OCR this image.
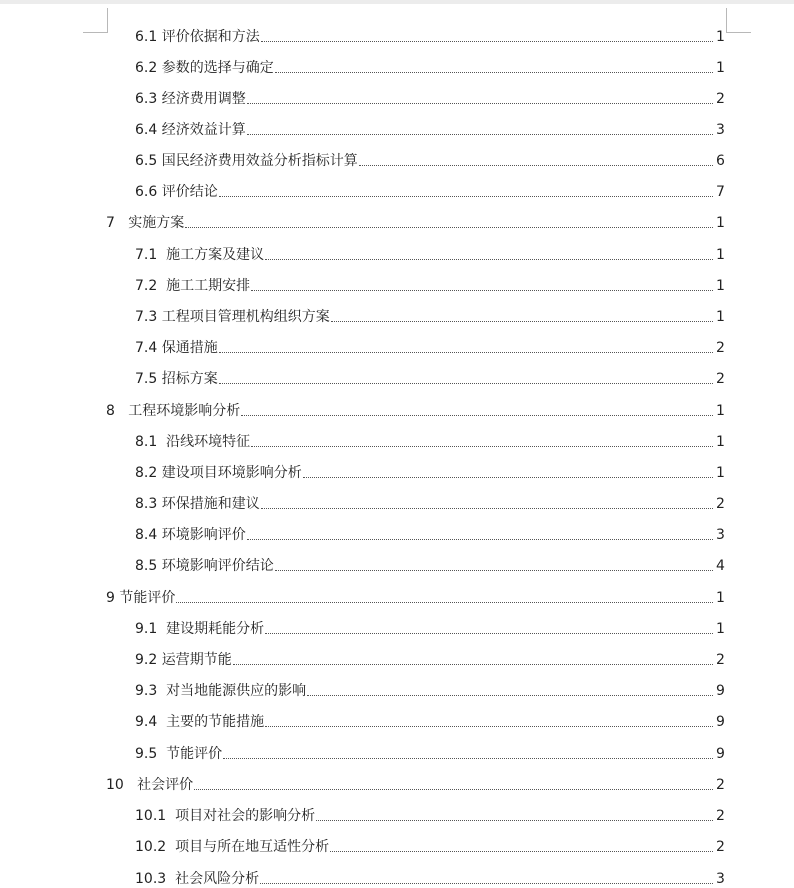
6.1 评价依据和方法	1
6.2 参数的选择与确定	1
6.3 经济费用调整	2
6.4 经济效益计算	3
6.5 国民经济费用效益分析指标计算	6
6.6 评价结论	7
7   实施方案	1
7.1  施工方案及建议	1
7.2  施工工期安排	1
7.3 工程项目管理机构组织方案	1
7.4 保通措施	2
7.5 招标方案	2
8   工程环境影响分析	1
8.1  沿线环境特征	1
8.2 建设项目环境影响分析	1
8.3 环保措施和建议	2
8.4 环境影响评价	3
8.5 环境影响评价结论	4
9 节能评价	1
9.1  建设期耗能分析	1
9.2 运营期节能	2
9.3  对当地能源供应的影响	9
9.4  主要的节能措施	9
9.5  节能评价	9
10   社会评价	2
10.1  项目对社会的影响分析	2
10.2  项目与所在地互适性分析	2
10.3  社会风险分析	3
